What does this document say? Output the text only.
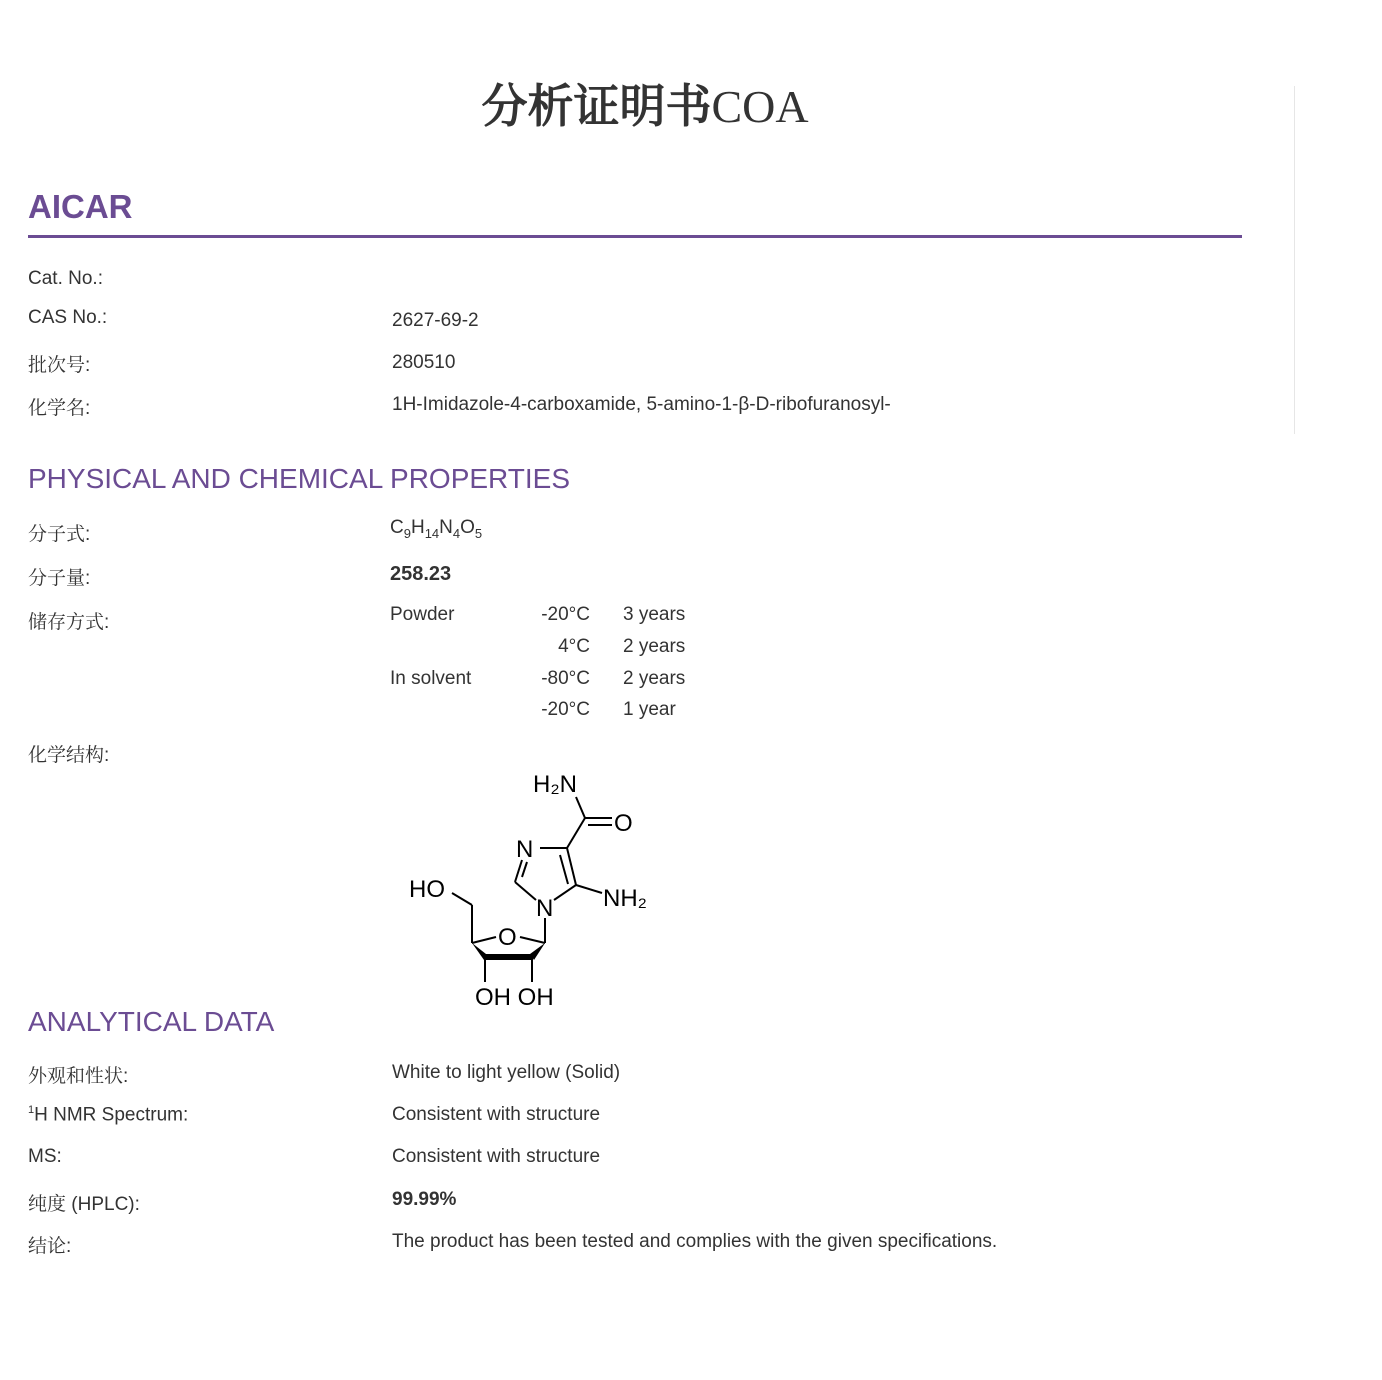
分析证明书COA
AICAR
Cat. No.:
CAS No.:	2627-69-2
批次号:	280510
化学名:	1H-Imidazole-4-carboxamide, 5-amino-1-β-D-ribofuranosyl-
PHYSICAL AND CHEMICAL PROPERTIES
分子式:	$C_9H_{14}N_4O_5$
分子量:	258.23
储存方式:	Powder	-20°C 3 years
4°C 2 years
In solvent	-80°C 2 years
-20°C 1 year
化学结构:
H₂N
O
N
NH₂
N
HO
O
OH OH
ANALYTICAL DATA
外观和性状:	White to light yellow (Solid)
$^1$H NMR Spectrum:	Consistent with structure
MS:	Consistent with structure
纯度 (HPLC):	99.99%
结论:	The product has been tested and complies with the given specifications.
